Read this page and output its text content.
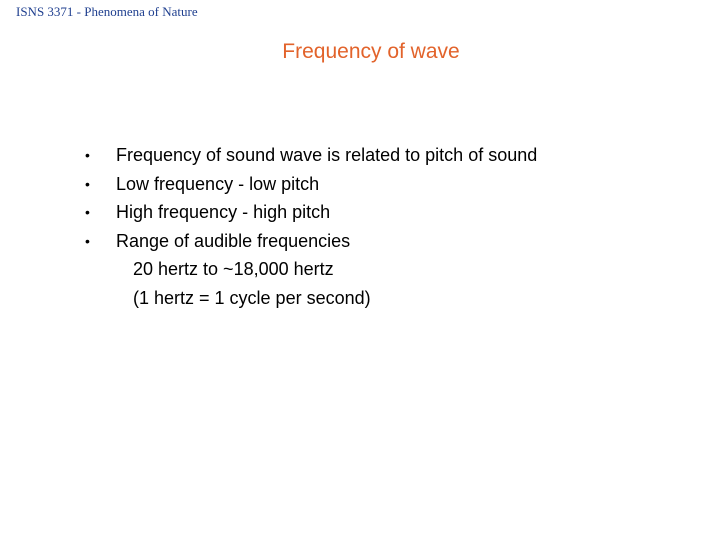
ISNS 3371 - Phenomena of Nature
Frequency of wave
• Frequency of sound wave is related to pitch of sound
• Low frequency - low pitch
• High frequency - high pitch
• Range of audible frequencies
20 hertz to ~18,000 hertz
(1 hertz = 1 cycle per second)
